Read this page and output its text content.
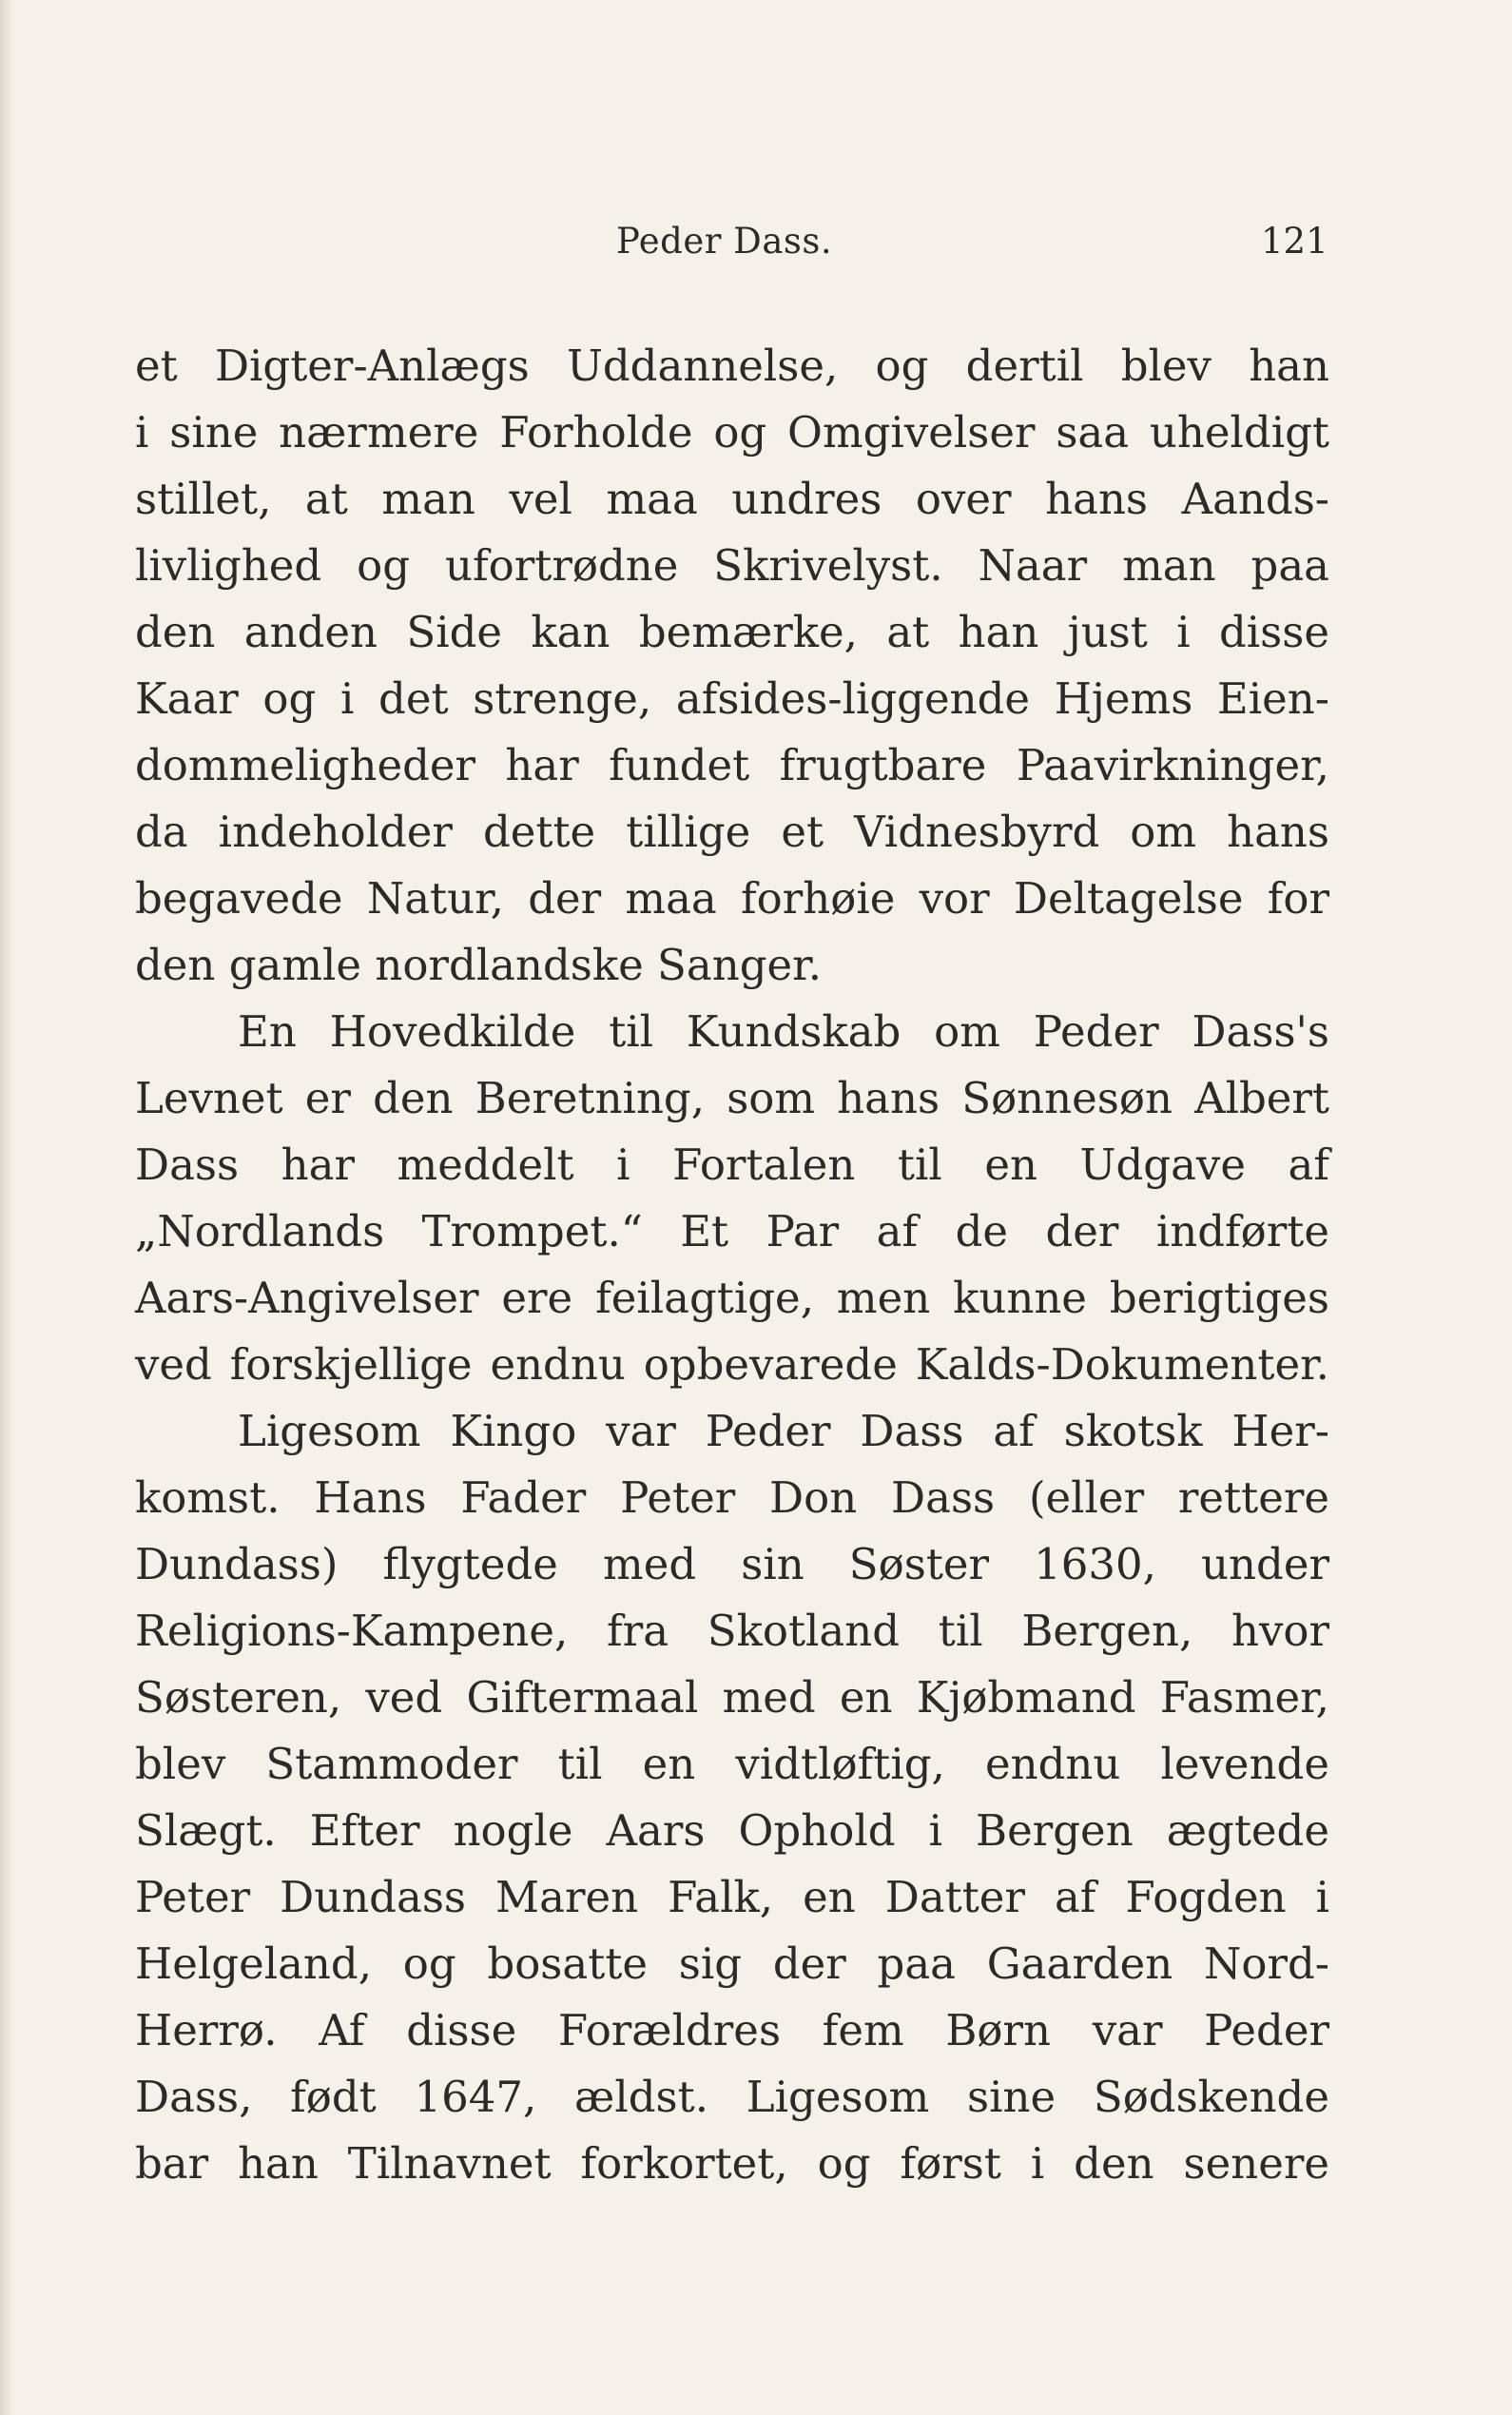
Peder Dass.	121
et Digter-Anlægs Uddannelse, og dertil blev han
i sine nærmere Forholde og Omgivelser saa uheldigt
stillet, at man vel maa undres over hans Aands-
livlighed og ufortrødne Skrivelyst. Naar man paa
den anden Side kan bemærke, at han just i disse
Kaar og i det strenge, afsides-liggende Hjems Eien-
dommeligheder har fundet frugtbare Paavirkninger,
da indeholder dette tillige et Vidnesbyrd om hans
begavede Natur, der maa forhøie vor Deltagelse for
den gamle nordlandske Sanger.
En Hovedkilde til Kundskab om Peder Dass's
Levnet er den Beretning, som hans Sønnesøn Albert
Dass har meddelt i Fortalen til en Udgave af
„Nordlands Trompet.“ Et Par af de der indførte
Aars-Angivelser ere feilagtige, men kunne berigtiges
ved forskjellige endnu opbevarede Kalds-Dokumenter.
Ligesom Kingo var Peder Dass af skotsk Her-
komst. Hans Fader Peter Don Dass (eller rettere
Dundass) flygtede med sin Søster 1630, under
Religions-Kampene, fra Skotland til Bergen, hvor
Søsteren, ved Giftermaal med en Kjøbmand Fasmer,
blev Stammoder til en vidtløftig, endnu levende
Slægt. Efter nogle Aars Ophold i Bergen ægtede
Peter Dundass Maren Falk, en Datter af Fogden i
Helgeland, og bosatte sig der paa Gaarden Nord-
Herrø. Af disse Forældres fem Børn var Peder
Dass, født 1647, ældst. Ligesom sine Sødskende
bar han Tilnavnet forkortet, og først i den senere
